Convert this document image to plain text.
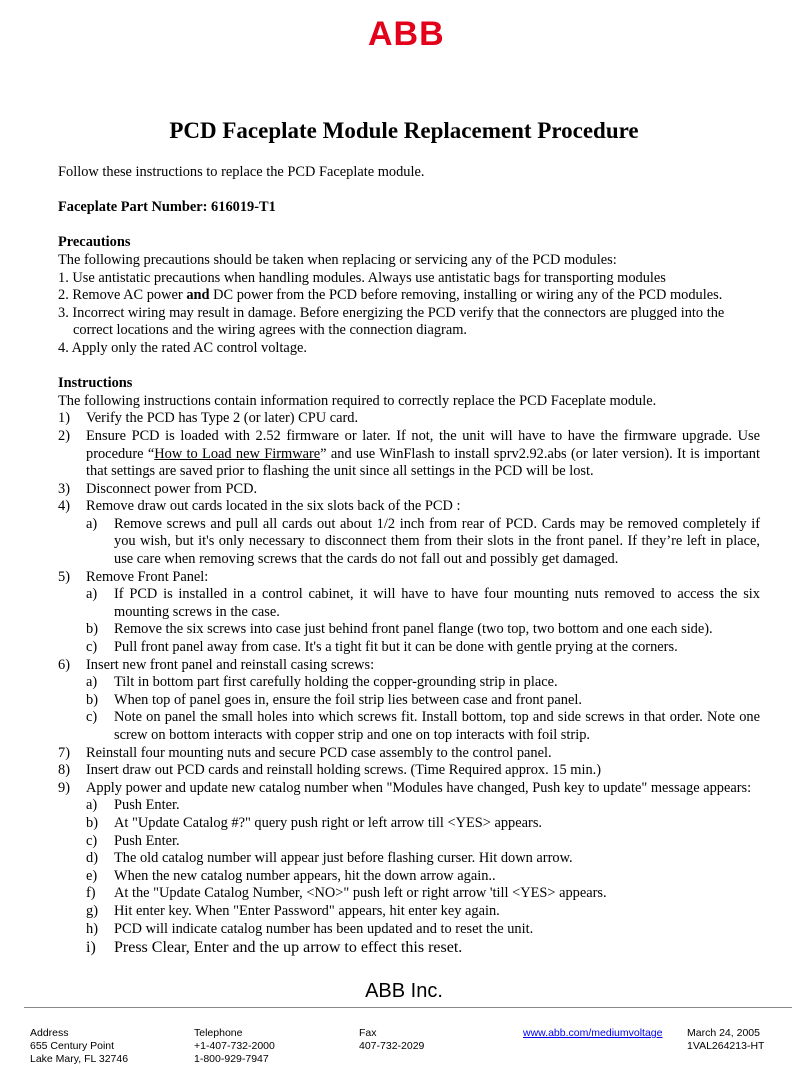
ABB
PCD Faceplate Module Replacement Procedure

Follow these instructions to replace the PCD Faceplate module.

Faceplate Part Number: 616019-T1

Precautions

The following precautions should be taken when replacing or servicing any of the PCD modules:

1. Use antistatic precautions when handling modules. Always use antistatic bags for transporting modules

2. Remove AC power and DC power from the PCD before removing, installing or wiring any of the PCD modules.

3. Incorrect wiring may result in damage. Before energizing the PCD verify that the connectors are plugged into the correct locations and the wiring agrees with the connection diagram.

4. Apply only the rated AC control voltage.

Instructions

The following instructions contain information required to correctly replace the PCD Faceplate module.

1) Verify the PCD has Type 2 (or later) CPU card.
2) Ensure PCD is loaded with 2.52 firmware or later. If not, the unit will have to have the firmware upgrade. Use procedure “How to Load new Firmware” and use WinFlash to install sprv2.92.abs (or later version). It is important that settings are saved prior to flashing the unit since all settings in the PCD will be lost.
3) Disconnect power from PCD.
4) Remove draw out cards located in the six slots back of the PCD :
a) Remove screws and pull all cards out about 1/2 inch from rear of PCD. Cards may be removed completely if you wish, but it's only necessary to disconnect them from their slots in the front panel. If they’re left in place, use care when removing screws that the cards do not fall out and possibly get damaged.
5) Remove Front Panel:
a) If PCD is installed in a control cabinet, it will have to have four mounting nuts removed to access the six mounting screws in the case.
b) Remove the six screws into case just behind front panel flange (two top, two bottom and one each side).
c) Pull front panel away from case. It's a tight fit but it can be done with gentle prying at the corners.
6) Insert new front panel and reinstall casing screws:
a) Tilt in bottom part first carefully holding the copper-grounding strip in place.
b) When top of panel goes in, ensure the foil strip lies between case and front panel.
c) Note on panel the small holes into which screws fit. Install bottom, top and side screws in that order. Note one screw on bottom interacts with copper strip and one on top interacts with foil strip.
7) Reinstall four mounting nuts and secure PCD case assembly to the control panel.
8) Insert draw out PCD cards and reinstall holding screws. (Time Required approx. 15 min.)
9) Apply power and update new catalog number when "Modules have changed, Push key to update" message appears:
a) Push Enter.
b) At "Update Catalog #?" query push right or left arrow till <YES> appears.
c) Push Enter.
d) The old catalog number will appear just before flashing curser. Hit down arrow.
e) When the new catalog number appears, hit the down arrow again..
f) At the "Update Catalog Number, <NO>" push left or right arrow 'till <YES> appears.
g) Hit enter key. When "Enter Password" appears, hit enter key again.
h) PCD will indicate catalog number has been updated and to reset the unit.
i) Press Clear, Enter and the up arrow to effect this reset.
ABB Inc.
Address
655 Century Point
Lake Mary, FL 32746
Telephone
+1-407-732-2000
1-800-929-7947
Fax
407-732-2029
www.abb.com/mediumvoltage March 24, 2005
1VAL264213-HT
